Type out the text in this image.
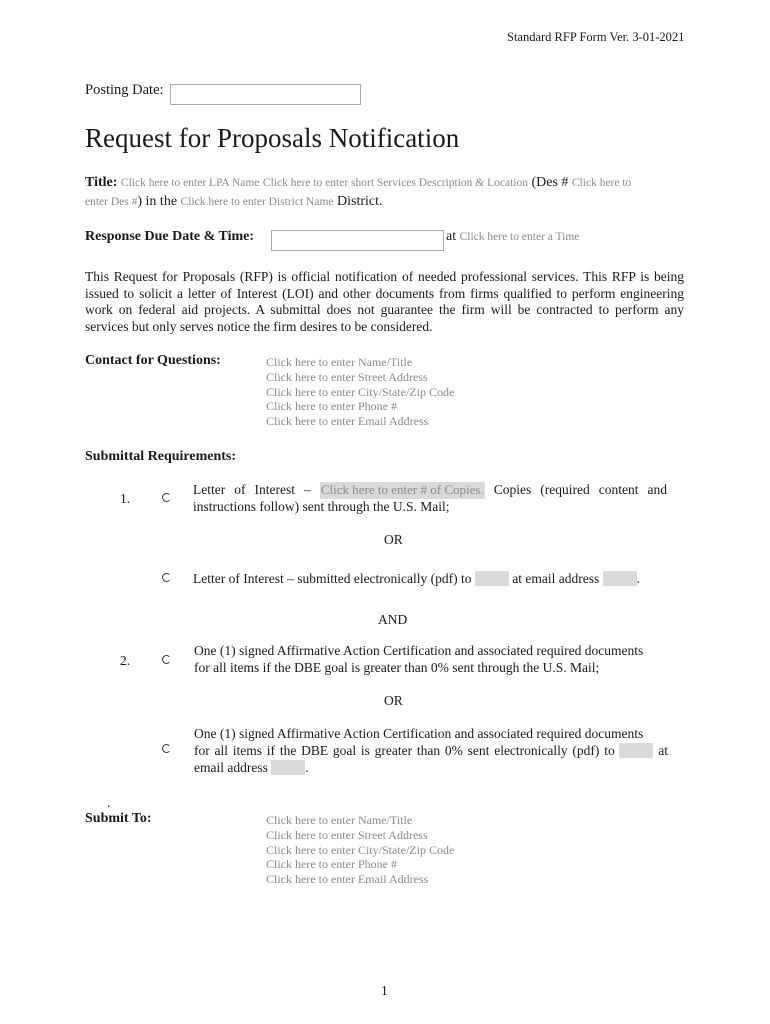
Standard RFP Form Ver. 3-01-2021
Posting Date:
Request for Proposals Notification
Title: Click here to enter LPA Name Click here to enter short Services Description & Location (Des # Click here to
enter Des #) in the Click here to enter District Name District.
Response Due Date & Time:	at Click here to enter a Time
This Request for Proposals (RFP) is official notification of needed professional services. This RFP is being issued to solicit a letter of Interest (LOI) and other documents from firms qualified to perform engineering work on federal aid projects. A submittal does not guarantee the firm will be contracted to perform any services but only serves notice the firm desires to be considered.
Contact for Questions:	Click here to enter Name/Title
Click here to enter Street Address
Click here to enter City/State/Zip Code
Click here to enter Phone #
Click here to enter Email Address
Submittal Requirements:
1.
Letter of Interest – Click here to enter # of Copies. Copies (required content and
instructions follow) sent through the U.S. Mail;
OR
Letter of Interest – submitted electronically (pdf) to	at email address	.
AND
2.
One (1) signed Affirmative Action Certification and associated required documents
for all items if the DBE goal is greater than 0% sent through the U.S. Mail;
OR
One (1) signed Affirmative Action Certification and associated required documents
for all items if the DBE goal is greater than 0% sent electronically (pdf) to	at
email address	.
.
Submit To:	Click here to enter Name/Title
Click here to enter Street Address
Click here to enter City/State/Zip Code
Click here to enter Phone #
Click here to enter Email Address
1
